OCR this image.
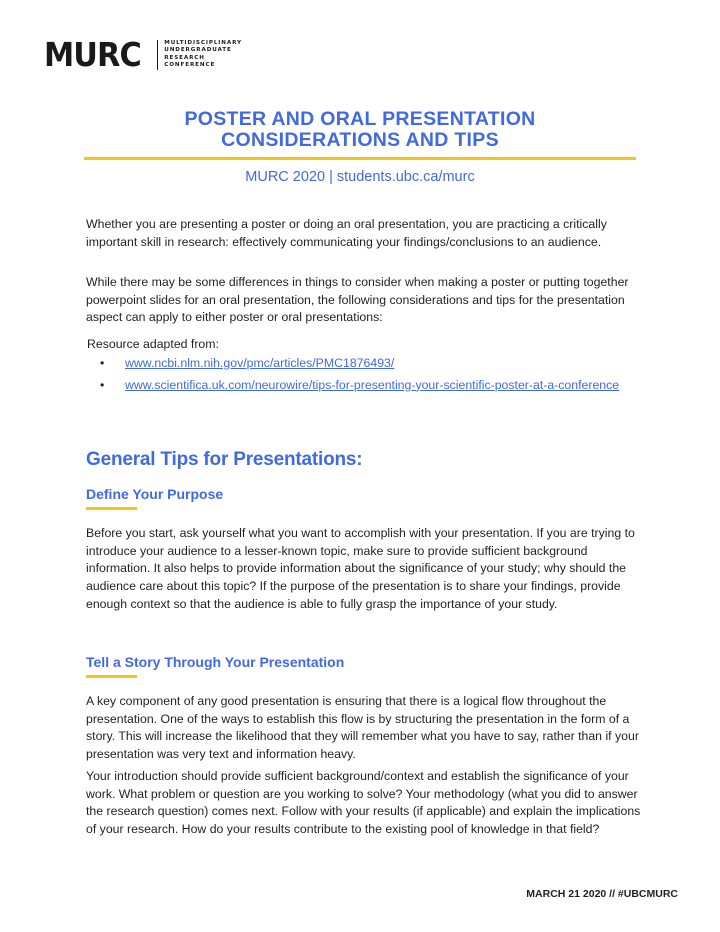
MURC	MULTIDISCIPLINARY
UNDERGRADUATE
RESEARCH
CONFERENCE
POSTER AND ORAL PRESENTATION
CONSIDERATIONS AND TIPS
MURC 2020 | students.ubc.ca/murc

Whether you are presenting a poster or doing an oral presentation, you are practicing a critically important skill in research: effectively communicating your findings/conclusions to an audience.

While there may be some differences in things to consider when making a poster or putting together powerpoint slides for an oral presentation, the following considerations and tips for the presentation aspect can apply to either poster or oral presentations:

Resource adapted from:
• www.ncbi.nlm.nih.gov/pmc/articles/PMC1876493/
• www.scientifica.uk.com/neurowire/tips-for-presenting-your-scientific-poster-at-a-conference
General Tips for Presentations:
Define Your Purpose

Before you start, ask yourself what you want to accomplish with your presentation. If you are trying to introduce your audience to a lesser-known topic, make sure to provide sufficient background information. It also helps to provide information about the significance of your study; why should the audience care about this topic? If the purpose of the presentation is to share your findings, provide enough context so that the audience is able to fully grasp the importance of your study.

Tell a Story Through Your Presentation

A key component of any good presentation is ensuring that there is a logical flow throughout the presentation. One of the ways to establish this flow is by structuring the presentation in the form of a story. This will increase the likelihood that they will remember what you have to say, rather than if your presentation was very text and information heavy.

Your introduction should provide sufficient background/context and establish the significance of your work. What problem or question are you working to solve? Your methodology (what you did to answer the research question) comes next. Follow with your results (if applicable) and explain the implications of your research. How do your results contribute to the existing pool of knowledge in that field?

MARCH 21 2020 // #UBCMURC
